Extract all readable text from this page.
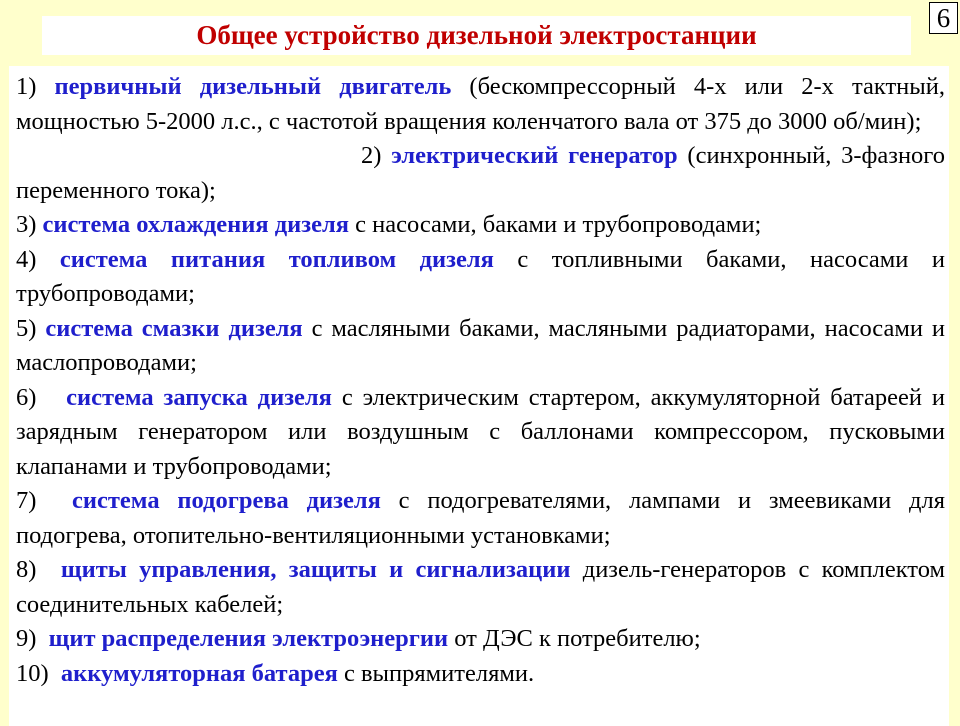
Общее устройство дизельной электростанции
6

1) первичный дизельный двигатель (бескомпрессорный 4-х или 2-х тактный, мощностью 5-2000 л.с., с частотой вращения коленчатого вала от 375 до 3000 об/мин);

2) электрический генератор (синхронный, 3-фазного переменного тока);

3) система охлаждения дизеля с насосами, баками и трубопроводами;

4) система питания топливом дизеля с топливными баками, насосами и трубопроводами;

5) система смазки дизеля с масляными баками, масляными радиаторами, насосами и маслопроводами;

6)   система запуска дизеля с электрическим стартером, аккумуляторной батареей и зарядным генератором или воздушным с баллонами компрессором, пусковыми клапанами и трубопроводами;

7)  система подогрева дизеля с подогревателями, лампами и змеевиками для подогрева, отопительно-вентиляционными установками;

8)  щиты управления, защиты и сигнализации дизель-генераторов с комплектом соединительных кабелей;

9)  щит распределения электроэнергии от ДЭС к потребителю;

10)  аккумуляторная батарея с выпрямителями.
